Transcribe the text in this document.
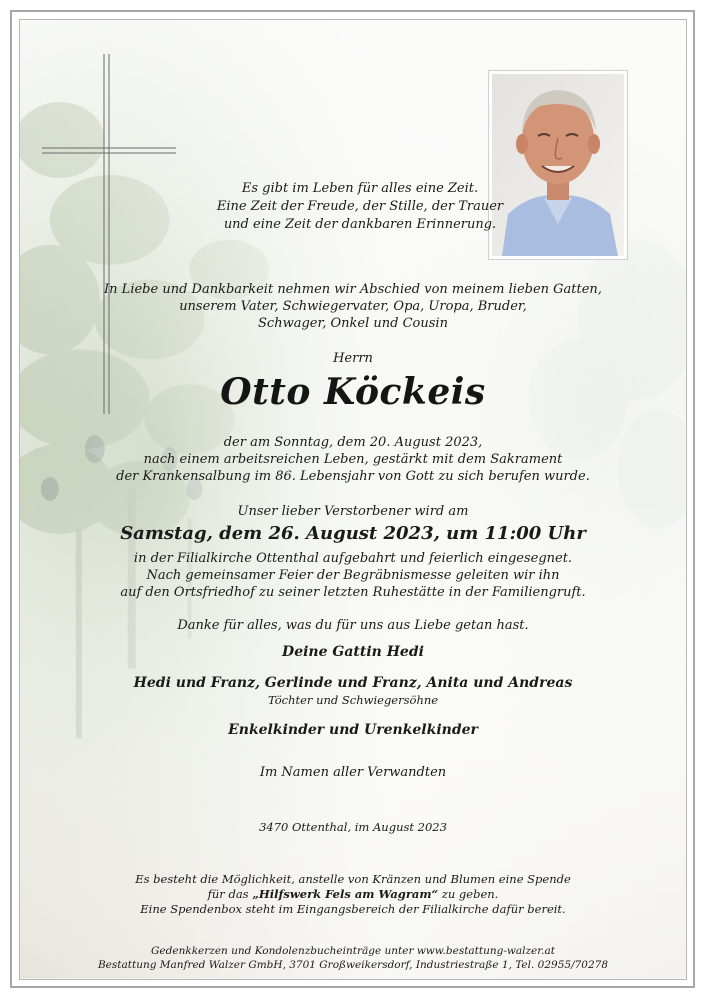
Es gibt im Leben für alles eine Zeit.
Eine Zeit der Freude, der Stille, der Trauer
und eine Zeit der dankbaren Erinnerung.
In Liebe und Dankbarkeit nehmen wir Abschied von meinem lieben Gatten,
unserem Vater, Schwiegervater, Opa, Uropa, Bruder,
Schwager, Onkel und Cousin
Herrn
Otto Köckeis
der am Sonntag, dem 20. August 2023,
nach einem arbeitsreichen Leben, gestärkt mit dem Sakrament
der Krankensalbung im 86. Lebensjahr von Gott zu sich berufen wurde.
Unser lieber Verstorbener wird am
Samstag, dem 26. August 2023, um 11:00 Uhr
in der Filialkirche Ottenthal aufgebahrt und feierlich eingesegnet.
Nach gemeinsamer Feier der Begräbnismesse geleiten wir ihn
auf den Ortsfriedhof zu seiner letzten Ruhestätte in der Familiengruft.
Danke für alles, was du für uns aus Liebe getan hast.
Deine Gattin Hedi
Hedi und Franz, Gerlinde und Franz, Anita und Andreas
Töchter und Schwiegersöhne
Enkelkinder und Urenkelkinder
Im Namen aller Verwandten
3470 Ottenthal, im August 2023
Es besteht die Möglichkeit, anstelle von Kränzen und Blumen eine Spende
für das „Hilfswerk Fels am Wagram“ zu geben.
Eine Spendenbox steht im Eingangsbereich der Filialkirche dafür bereit.
Gedenkkerzen und Kondolenzbucheinträge unter www.bestattung-walzer.at
Bestattung Manfred Walzer GmbH, 3701 Großweikersdorf, Industriestraße 1, Tel. 02955/70278
